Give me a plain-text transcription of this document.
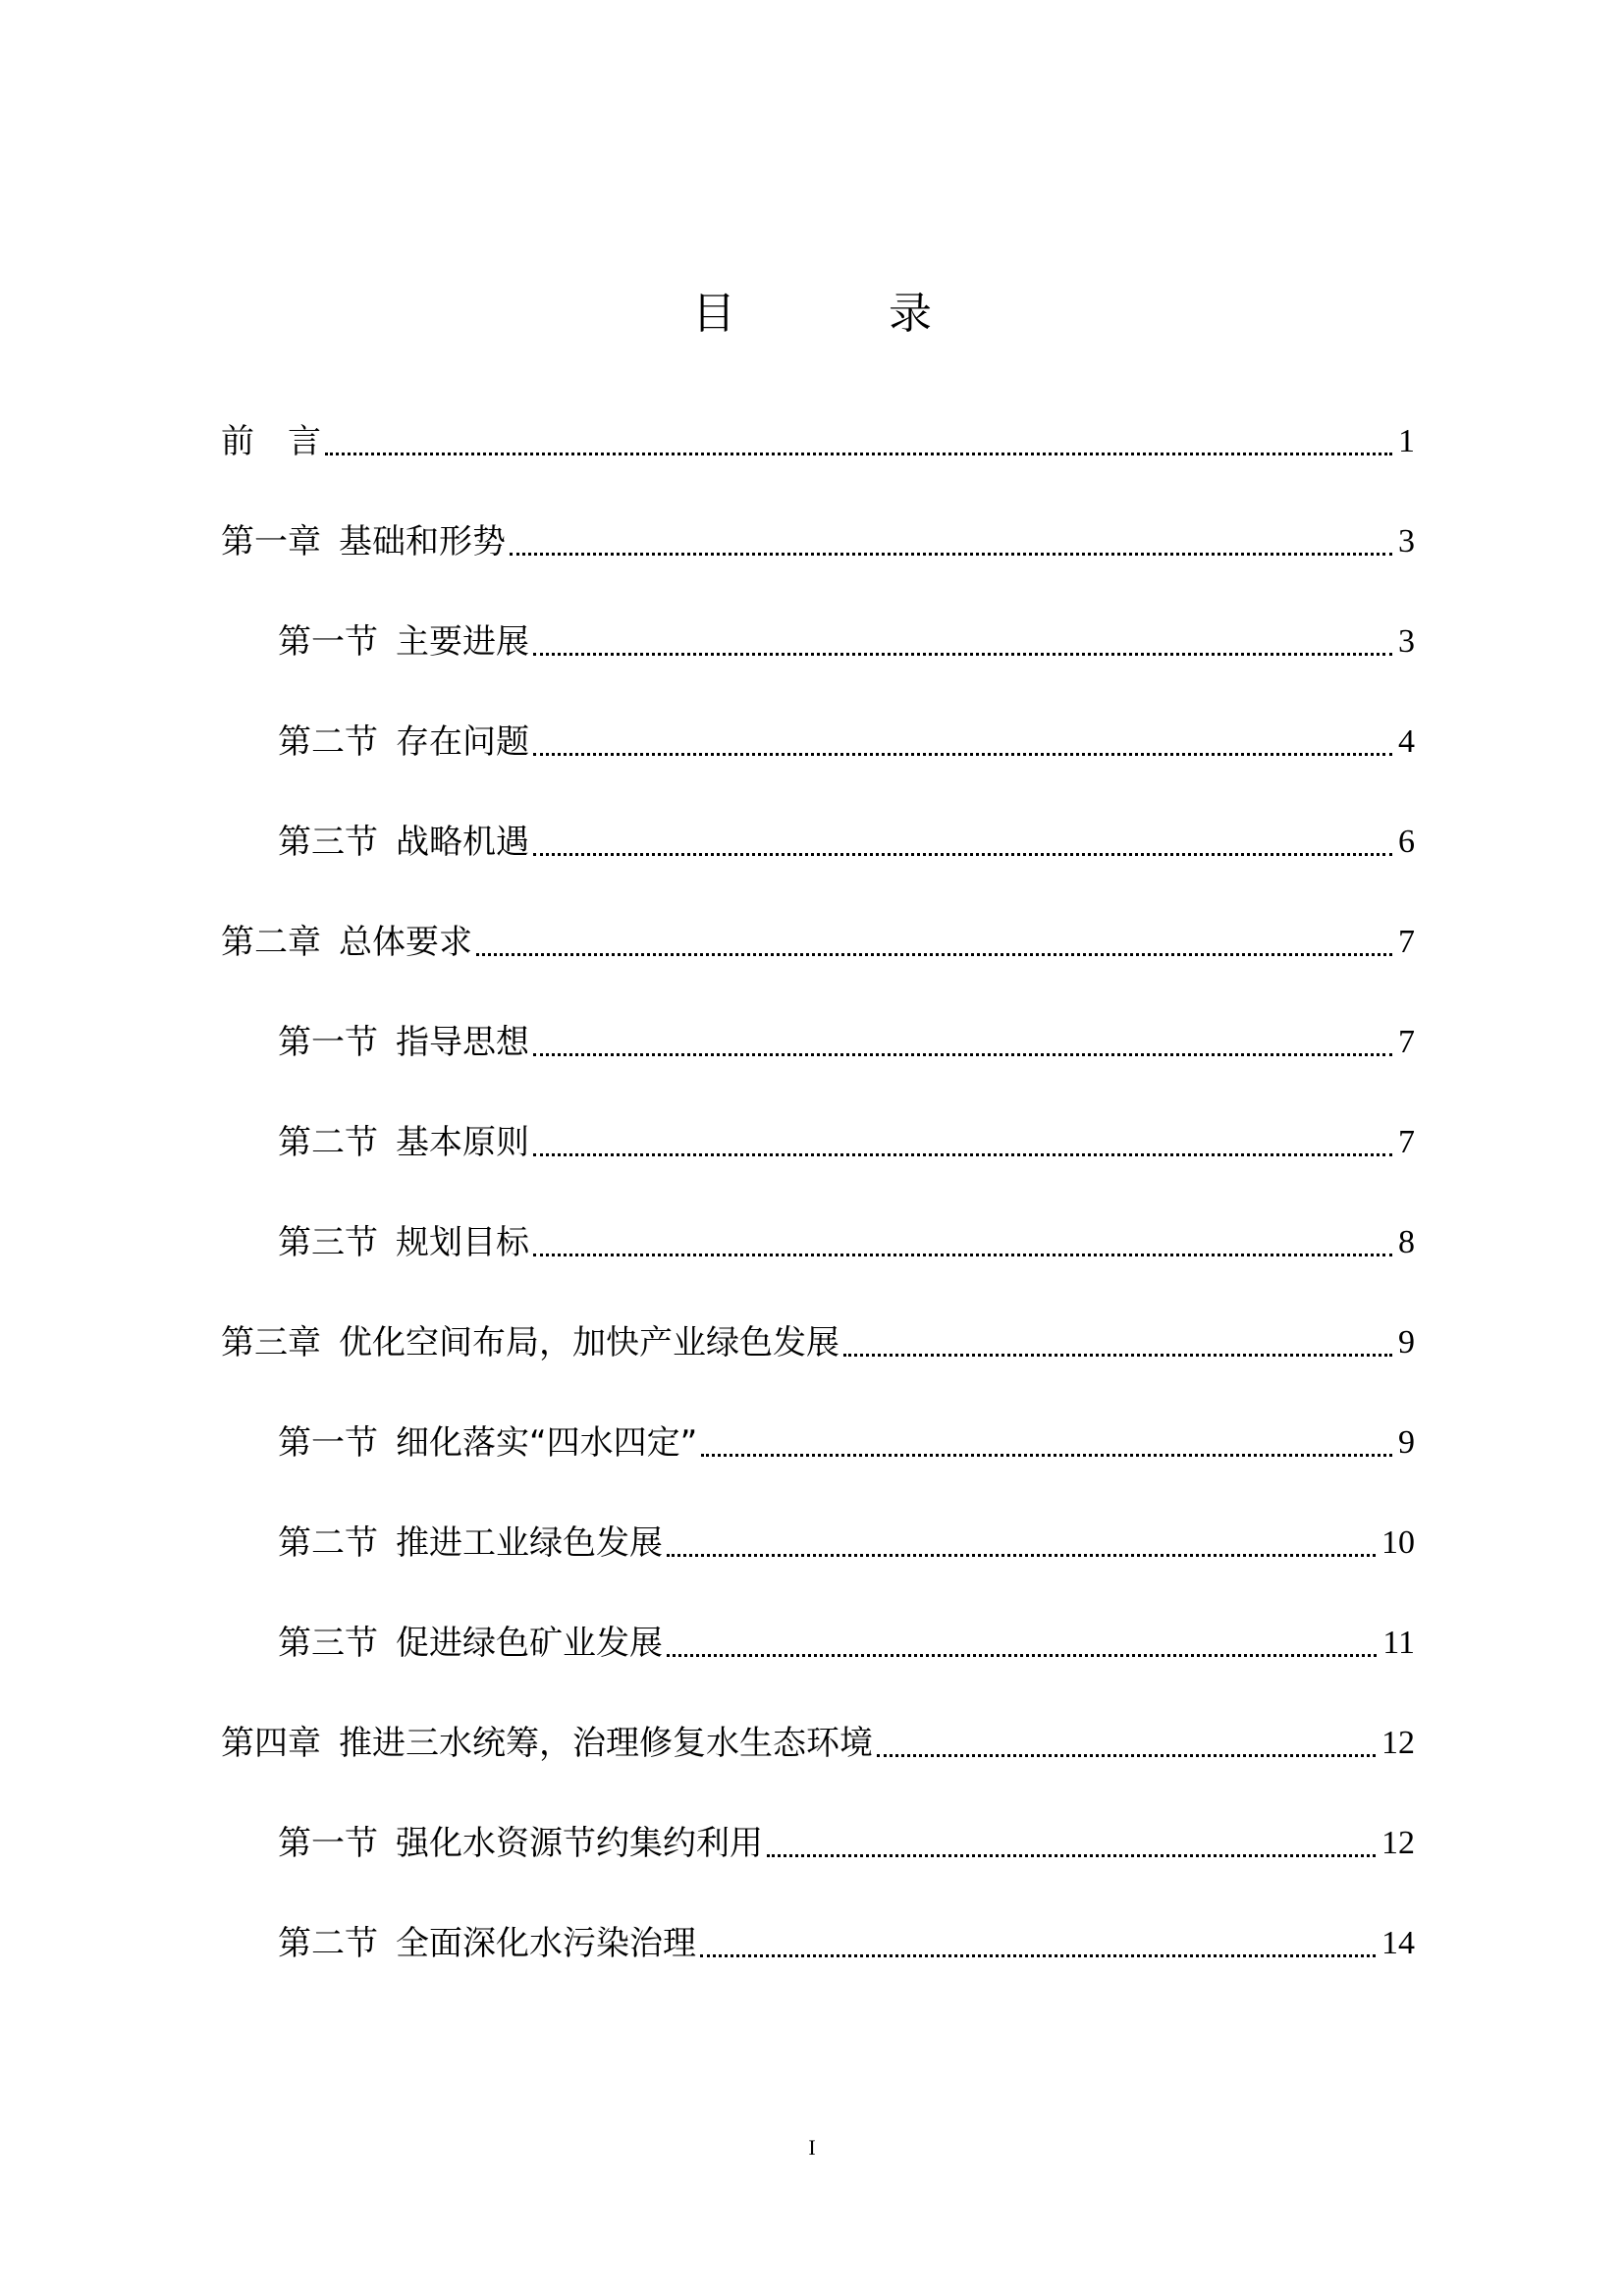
目　录
前　言	1
第一章 基础和形势	3
第一节 主要进展	3
第二节 存在问题	4
第三节 战略机遇	6
第二章 总体要求	7
第一节 指导思想	7
第二节 基本原则	7
第三节 规划目标	8
第三章 优化空间布局，加快产业绿色发展	9
第一节 细化落实“四水四定”	9
第二节 推进工业绿色发展	10
第三节 促进绿色矿业发展	11
第四章 推进三水统筹，治理修复水生态环境	12
第一节 强化水资源节约集约利用	12
第二节 全面深化水污染治理	14
I
